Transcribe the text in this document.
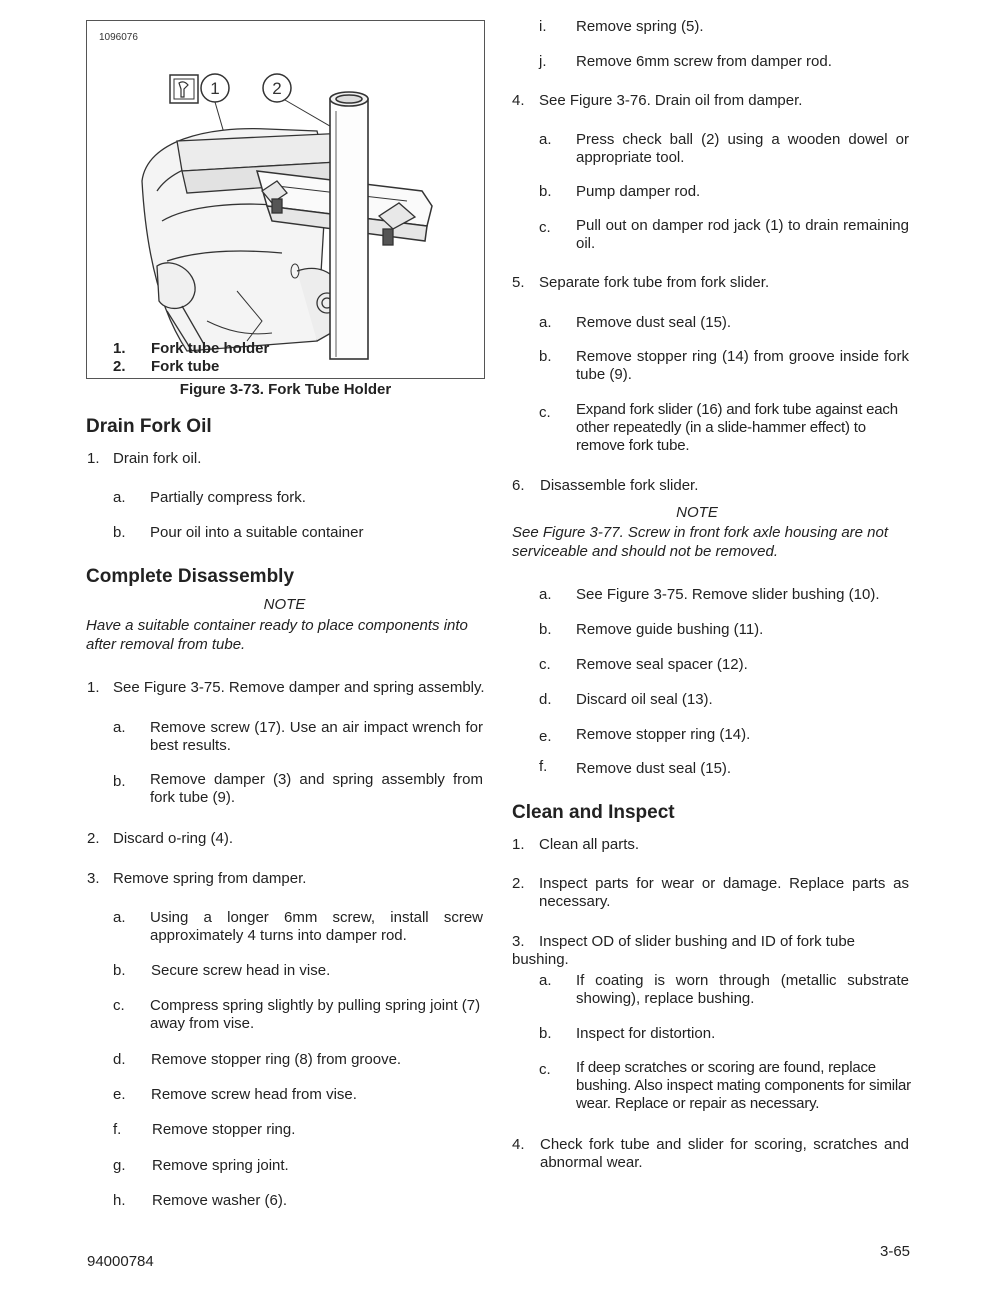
1096076
1	2
1. Fork tube holder
2. Fork tube
Figure 3-73. Fork Tube Holder
Drain Fork Oil
1. Drain fork oil.
a. Partially compress fork.
b. Pour oil into a suitable container
Complete Disassembly
NOTE
Have a suitable container ready to place components into after removal from tube.
1. See Figure 3-75. Remove damper and spring assembly.
a.	Remove screw (17). Use an air impact wrench for best results.
b.	Remove damper (3) and spring assembly from fork tube (9).
2. Discard o-ring (4).
3. Remove spring from damper.
a.	Using a longer 6mm screw, install screw approximately 4 turns into damper rod.
b. Secure screw head in vise.
c.	Compress spring slightly by pulling spring joint (7) away from vise.
d. Remove stopper ring (8) from groove.
e. Remove screw head from vise.
f. Remove stopper ring.
g. Remove spring joint.
h. Remove washer (6).
i. Remove spring (5).
j. Remove 6mm screw from damper rod.
4. See Figure 3-76. Drain oil from damper.
a.	Press check ball (2) using a wooden dowel or appropriate tool.
b. Pump damper rod.
c.	Pull out on damper rod jack (1) to drain remaining oil.
5. Separate fork tube from fork slider.
a. Remove dust seal (15).
b.	Remove stopper ring (14) from groove inside fork tube (9).
c.	Expand fork slider (16) and fork tube against each other repeatedly (in a slide-hammer effect) to remove fork tube.
6. Disassemble fork slider.
NOTE
See Figure 3-77. Screw in front fork axle housing are not serviceable and should not be removed.
a. See Figure 3-75. Remove slider bushing (10).
b. Remove guide bushing (11).
c. Remove seal spacer (12).
d. Discard oil seal (13).
e. Remove stopper ring (14).
f. Remove dust seal (15).
Clean and Inspect
1. Clean all parts.
2. Inspect parts for wear or damage. Replace parts as necessary.
3. Inspect OD of slider bushing and ID of fork tube bushing.
a.	If coating is worn through (metallic substrate showing), replace bushing.
b. Inspect for distortion.
c.	If deep scratches or scoring are found, replace bushing. Also inspect mating components for similar wear. Replace or repair as necessary.
4.	Check fork tube and slider for scoring, scratches and abnormal wear.
94000784
3-65
